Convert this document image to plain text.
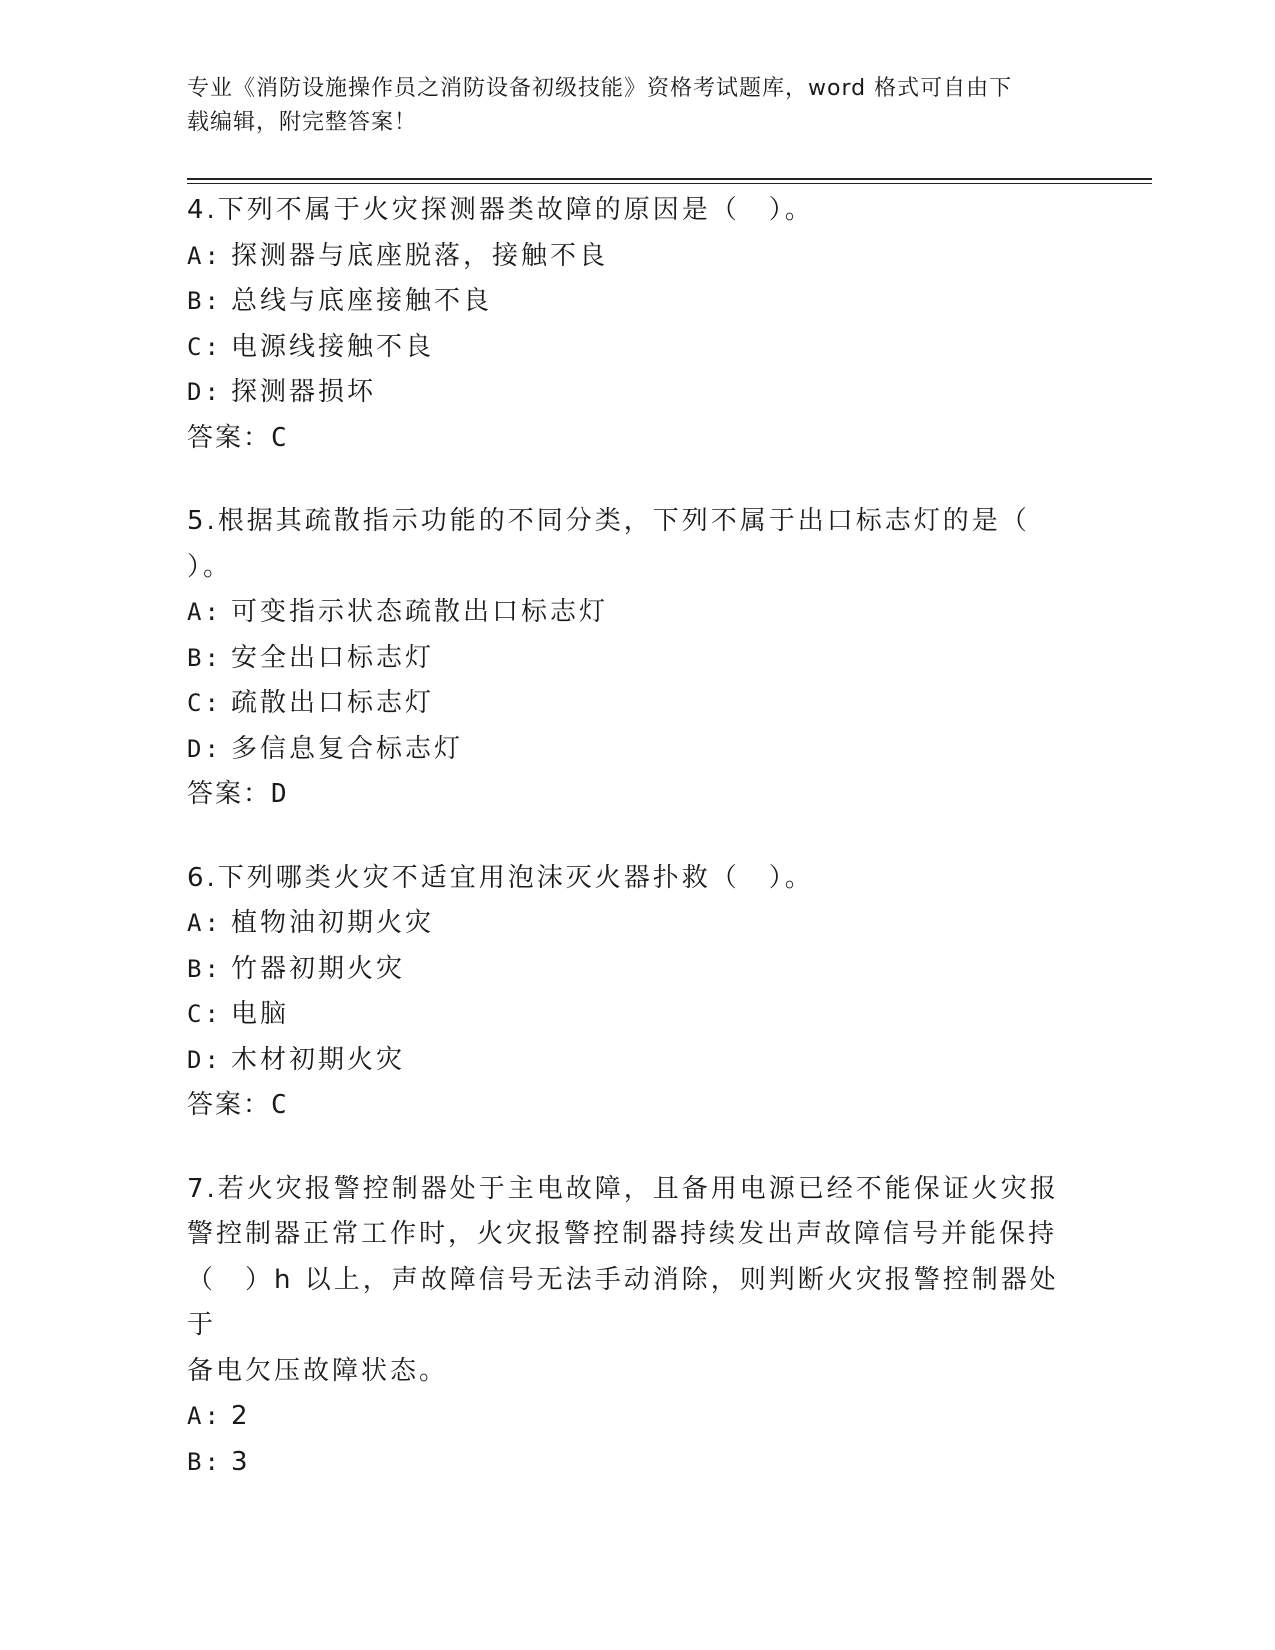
专业《消防设施操作员之消防设备初级技能》资格考试题库，word 格式可自由下
载编辑，附完整答案！
4.下列不属于火灾探测器类故障的原因是（　）。
A: 探测器与底座脱落，接触不良
B: 总线与底座接触不良
C: 电源线接触不良
D: 探测器损坏
答案：C
5.根据其疏散指示功能的不同分类，下列不属于出口标志灯的是（
）。
A: 可变指示状态疏散出口标志灯
B: 安全出口标志灯
C: 疏散出口标志灯
D: 多信息复合标志灯
答案：D
6.下列哪类火灾不适宜用泡沫灭火器扑救（　）。
A: 植物油初期火灾
B: 竹器初期火灾
C: 电脑
D: 木材初期火灾
答案：C
7.若火灾报警控制器处于主电故障，且备用电源已经不能保证火灾报
警控制器正常工作时，火灾报警控制器持续发出声故障信号并能保持
（　）h 以上，声故障信号无法手动消除，则判断火灾报警控制器处于
备电欠压故障状态。
A: 2
B: 3
